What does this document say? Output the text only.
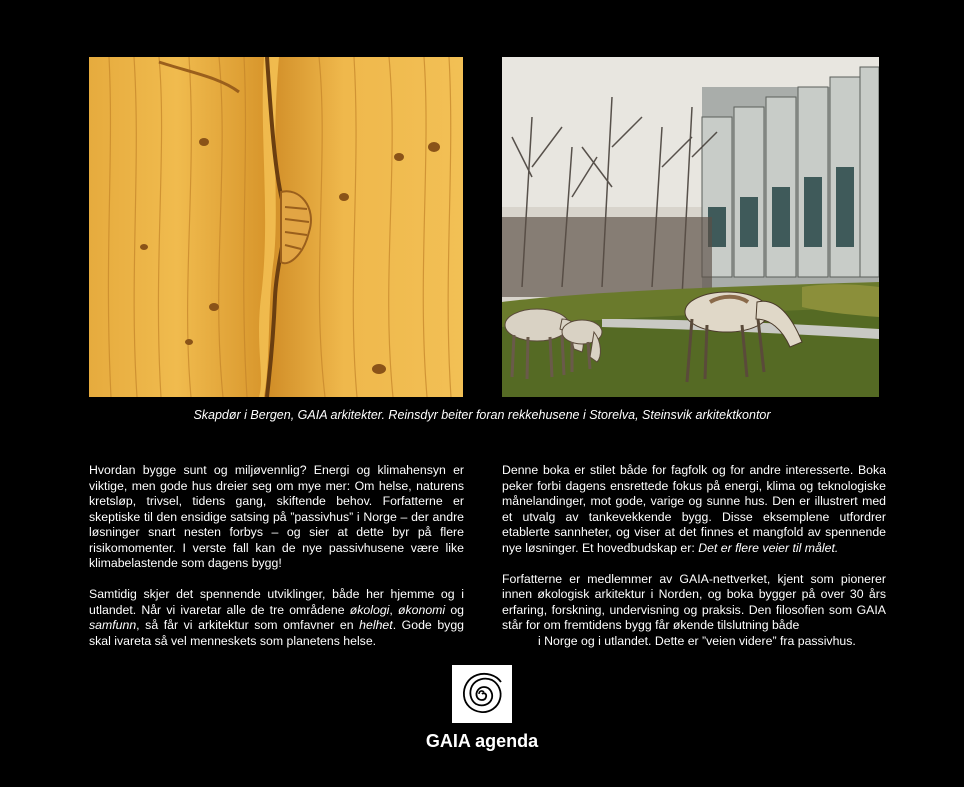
Skapdør i Bergen, GAIA arkitekter. Reinsdyr beiter foran rekkehusene i Storelva, Steinsvik arkitektkontor

Hvordan bygge sunt og miljøvennlig? Energi og klimahensyn er viktige, men gode hus dreier seg om mye mer: Om helse, naturens kretsløp, trivsel, tidens gang, skiftende behov. Forfatterne er skeptiske til den ensidige satsing på ”passivhus” i Norge – der andre løsninger snart nesten forbys – og sier at dette byr på flere risikomomenter. I verste fall kan de nye passivhusene være like klimabelastende som dagens bygg!

Samtidig skjer det spennende utviklinger, både her hjemme og i utlandet. Når vi ivaretar alle de tre områdene økologi, økonomi og samfunn, så får vi arkitektur som omfavner en helhet. Gode bygg skal ivareta så vel menneskets som planetens helse.

Denne boka er stilet både for fagfolk og for andre interesserte. Boka peker forbi dagens ensrettede fokus på energi, klima og teknologiske månelandinger, mot gode, varige og sunne hus. Den er illustrert med et utvalg av tankevekkende bygg. Disse eksemplene utfordrer etablerte sannheter, og viser at det finnes et mangfold av spennende nye løsninger. Et hovedbudskap er: Det er flere veier til målet.

Forfatterne er medlemmer av GAIA-nettverket, kjent som pionerer innen økologisk arkitektur i Norden, og boka bygger på over 30 års erfaring, forskning, undervisning og praksis. Den filosofien som GAIA står for om fremtidens bygg får økende tilslutning både
i Norge og i utlandet. Dette er ”veien videre” fra passivhus.

GAIA agenda
